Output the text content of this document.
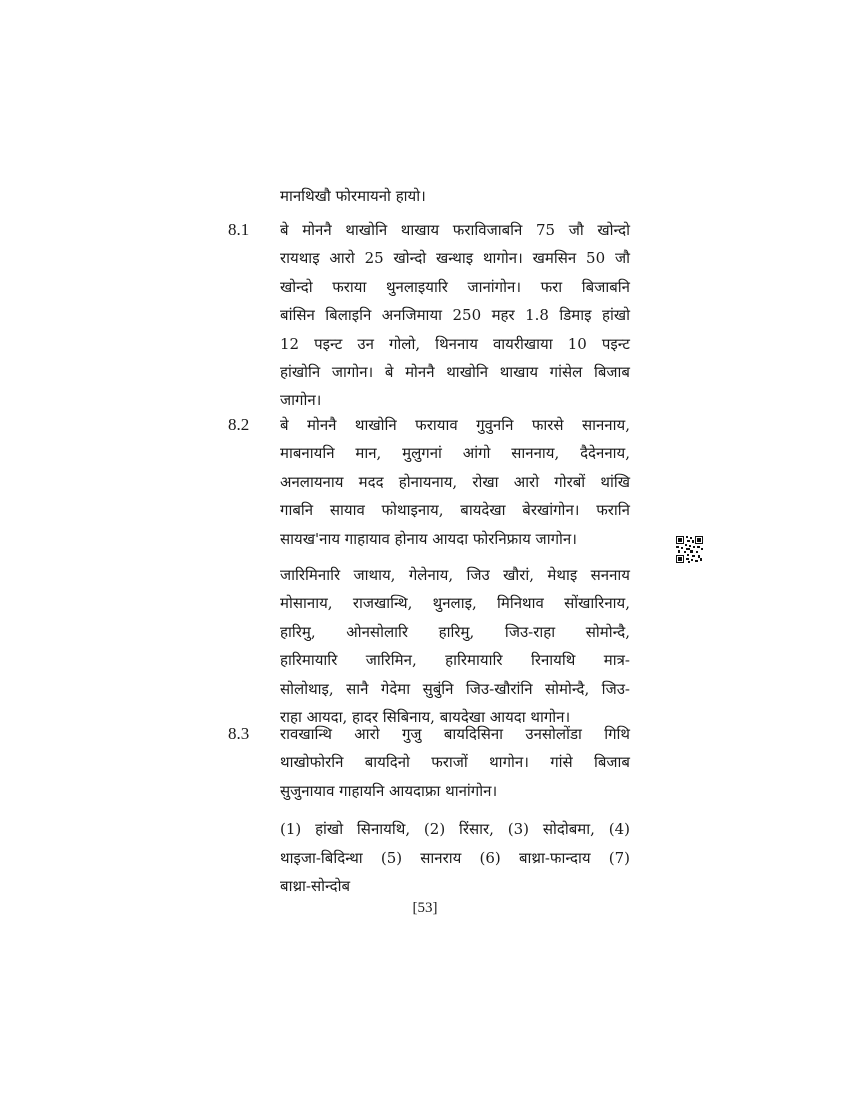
मानथिखौ फोरमायनो हायो।
8.1	बे मोननै थाखोनि थाखाय फराविजाबनि 75 जौ खोन्दो
रायथाइ आरो 25 खोन्दो खन्थाइ थागोन। खमसिन 50 जौ
खोन्दो फराया थुनलाइयारि जानांगोन। फरा बिजाबनि
बांसिन बिलाइनि अनजिमाया 250 महर 1.8 डिमाइ हांखो
12 पइन्ट उन गोलो, थिननाय वायरीखाया 10 पइन्ट
हांखोनि जागोन। बे मोननै थाखोनि थाखाय गांसेल बिजाब
जागोन।

8.2	बे मोननै थाखोनि फरायाव गुवुननि फारसे साननाय,
माबनायनि मान, मुलुगनां आंगो साननाय, दैदेननाय,
अनलायनाय मदद होनायनाय, रोखा आरो गोरबों थांखि
गाबनि सायाव फोथाइनाय, बायदेखा बेरखांगोन। फरानि
सायख'नाय गाहायाव होनाय आयदा फोरनिफ्राय जागोन।

जारिमिनारि जाथाय, गेलेनाय, जिउ खौरां, मेथाइ सननाय
मोसानाय, राजखान्थि, थुनलाइ, मिनिथाव सोंखारिनाय,
हारिमु, ओनसोलारि हारिमु, जिउ-राहा सोमोन्दै,
हारिमायारि जारिमिन, हारिमायारि रिनायथि मात्र-
सोलोथाइ, सानै गेदेमा सुबुंनि जिउ-खौरांनि सोमोन्दै, जिउ-
राहा आयदा, हादर सिबिनाय, बायदेखा आयदा थागोन।

8.3	रावखान्थि आरो गुजु बायदिसिना उनसोलोंडा गिथि
थाखोफोरनि बायदिनो फराजों थागोन। गांसे बिजाब
सुजुनायाव गाहायनि आयदाफ्रा थानांगोन।

(1) हांखो सिनायथि, (2) रिंसार, (3) सोदोबमा, (4)
थाइजा-बिदिन्था (5) सानराय (6) बाथ्रा-फान्दाय (7)
बाथ्रा-सोन्दोब

[53]
